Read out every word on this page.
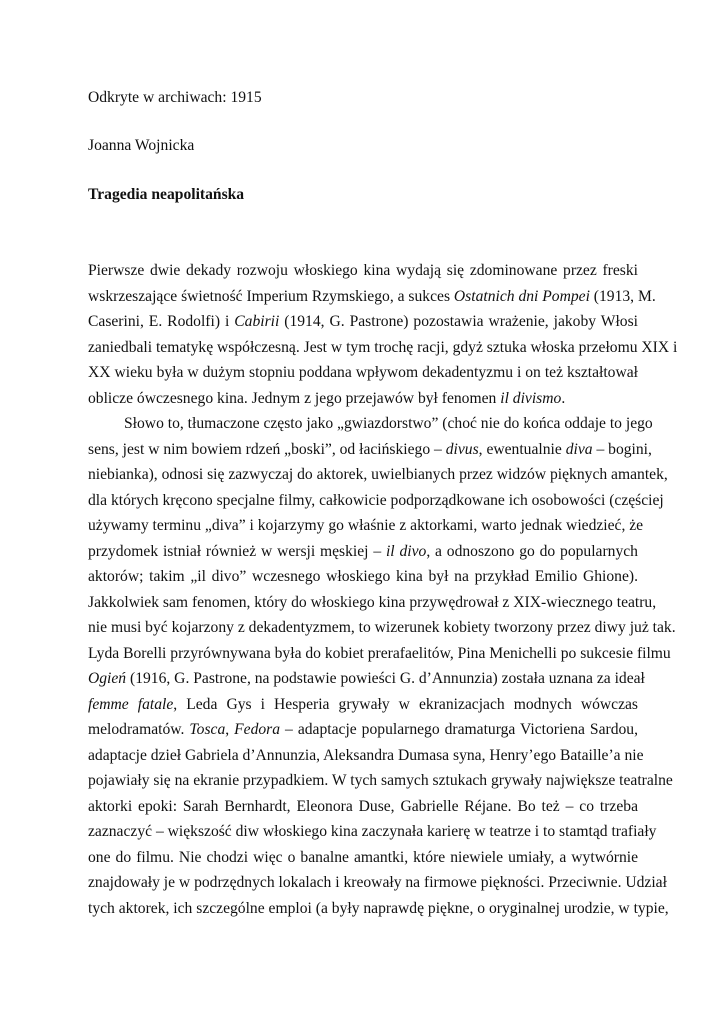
Odkryte w archiwach: 1915

Joanna Wojnicka

Tragedia neapolitańska

Pierwsze dwie dekady rozwoju włoskiego kina wydają się zdominowane przez freski
wskrzeszające świetność Imperium Rzymskiego, a sukces Ostatnich dni Pompei (1913, M.
Caserini, E. Rodolfi) i Cabirii (1914, G. Pastrone) pozostawia wrażenie, jakoby Włosi
zaniedbali tematykę współczesną. Jest w tym trochę racji, gdyż sztuka włoska przełomu XIX i
XX wieku była w dużym stopniu poddana wpływom dekadentyzmu i on też kształtował
oblicze ówczesnego kina. Jednym z jego przejawów był fenomen il divismo.
Słowo to, tłumaczone często jako „gwiazdorstwo” (choć nie do końca oddaje to jego
sens, jest w nim bowiem rdzeń „boski”, od łacińskiego – divus, ewentualnie diva – bogini,
niebianka), odnosi się zazwyczaj do aktorek, uwielbianych przez widzów pięknych amantek,
dla których kręcono specjalne filmy, całkowicie podporządkowane ich osobowości (częściej
używamy terminu „diva” i kojarzymy go właśnie z aktorkami, warto jednak wiedzieć, że
przydomek istniał również w wersji męskiej – il divo, a odnoszono go do popularnych
aktorów; takim „il divo” wczesnego włoskiego kina był na przykład Emilio Ghione).
Jakkolwiek sam fenomen, który do włoskiego kina przywędrował z XIX-wiecznego teatru,
nie musi być kojarzony z dekadentyzmem, to wizerunek kobiety tworzony przez diwy już tak.
Lyda Borelli przyrównywana była do kobiet prerafaelitów, Pina Menichelli po sukcesie filmu
Ogień (1916, G. Pastrone, na podstawie powieści G. d’Annunzia) została uznana za ideał
femme fatale, Leda Gys i Hesperia grywały w ekranizacjach modnych wówczas
melodramatów. Tosca, Fedora – adaptacje popularnego dramaturga Victoriena Sardou,
adaptacje dzieł Gabriela d’Annunzia, Aleksandra Dumasa syna, Henry’ego Bataille’a nie
pojawiały się na ekranie przypadkiem. W tych samych sztukach grywały największe teatralne
aktorki epoki: Sarah Bernhardt, Eleonora Duse, Gabrielle Réjane. Bo też – co trzeba
zaznaczyć – większość diw włoskiego kina zaczynała karierę w teatrze i to stamtąd trafiały
one do filmu. Nie chodzi więc o banalne amantki, które niewiele umiały, a wytwórnie
znajdowały je w podrzędnych lokalach i kreowały na firmowe piękności. Przeciwnie. Udział
tych aktorek, ich szczególne emploi (a były naprawdę piękne, o oryginalnej urodzie, w typie,
